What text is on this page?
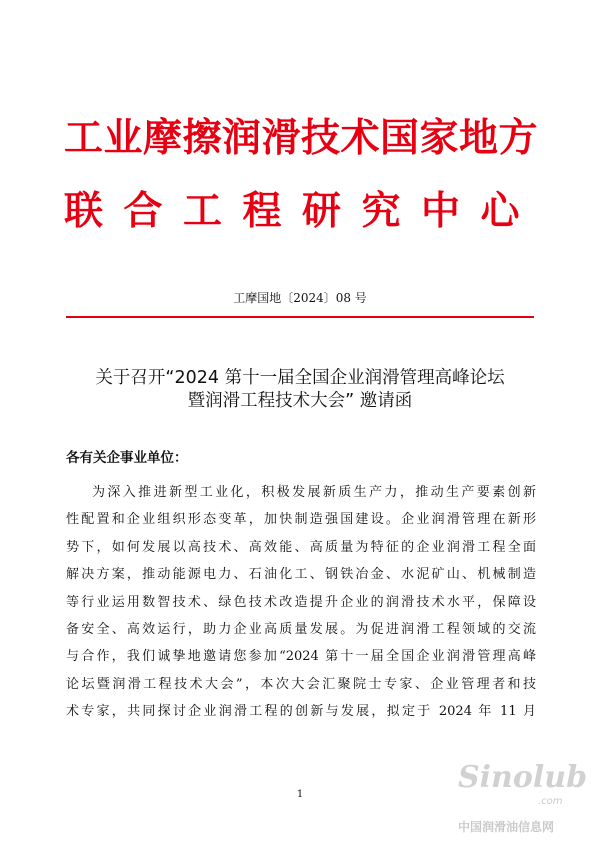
工业摩擦润滑技术国家地方
联合工程研究中心
工摩国地〔2024〕08 号
关于召开“2024 第十一届全国企业润滑管理高峰论坛
暨润滑工程技术大会” 邀请函
各有关企事业单位：
为深入推进新型工业化，积极发展新质生产力，推动生产要素创新
性配置和企业组织形态变革，加快制造强国建设。企业润滑管理在新形
势下，如何发展以高技术、高效能、高质量为特征的企业润滑工程全面
解决方案，推动能源电力、石油化工、钢铁冶金、水泥矿山、机械制造
等行业运用数智技术、绿色技术改造提升企业的润滑技术水平，保障设
备安全、高效运行，助力企业高质量发展。为促进润滑工程领域的交流
与合作，我们诚挚地邀请您参加“2024 第十一届全国企业润滑管理高峰
论坛暨润滑工程技术大会”，本次大会汇聚院士专家、企业管理者和技
术专家，共同探讨企业润滑工程的创新与发展，拟定于 2024 年 11 月
1	Sinolub
.com
中国润滑油信息网
